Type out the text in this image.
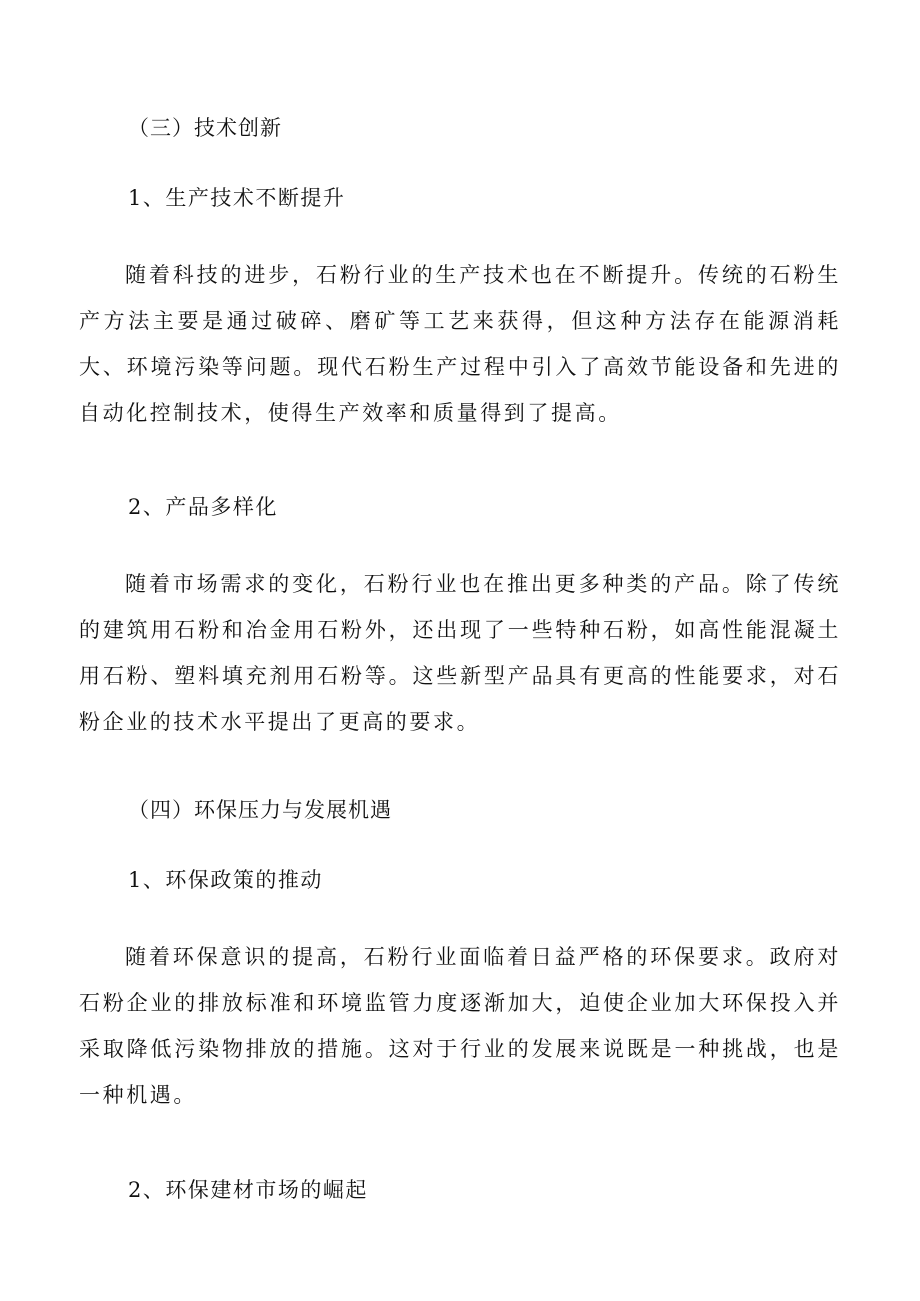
（三）技术创新
1、生产技术不断提升
随着科技的进步，石粉行业的生产技术也在不断提升。传统的石粉生产方法主要是通过破碎、磨矿等工艺来获得，但这种方法存在能源消耗大、环境污染等问题。现代石粉生产过程中引入了高效节能设备和先进的自动化控制技术，使得生产效率和质量得到了提高。
2、产品多样化
随着市场需求的变化，石粉行业也在推出更多种类的产品。除了传统的建筑用石粉和冶金用石粉外，还出现了一些特种石粉，如高性能混凝土用石粉、塑料填充剂用石粉等。这些新型产品具有更高的性能要求，对石粉企业的技术水平提出了更高的要求。
（四）环保压力与发展机遇
1、环保政策的推动
随着环保意识的提高，石粉行业面临着日益严格的环保要求。政府对石粉企业的排放标准和环境监管力度逐渐加大，迫使企业加大环保投入并采取降低污染物排放的措施。这对于行业的发展来说既是一种挑战，也是一种机遇。
2、环保建材市场的崛起
